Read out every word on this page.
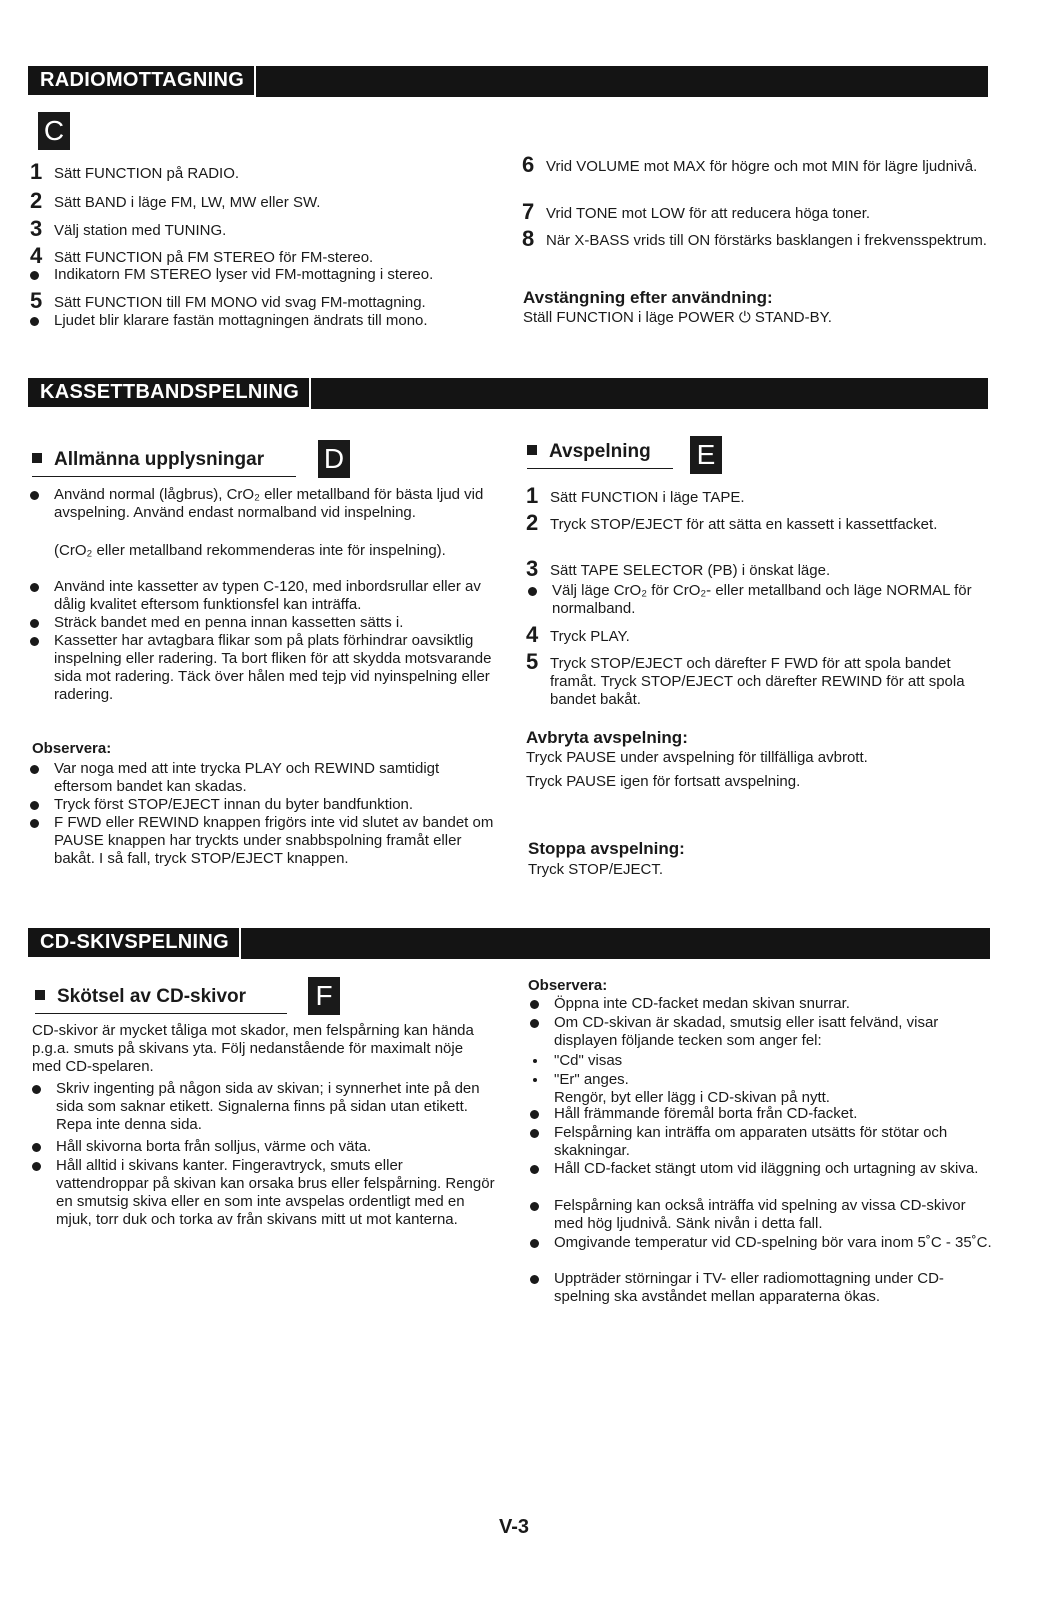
RADIOMOTTAGNING
C
1 Sätt FUNCTION på RADIO.
2 Sätt BAND i läge FM, LW, MW eller SW.
3 Välj station med TUNING.
4 Sätt FUNCTION på FM STEREO för FM-stereo.
Indikatorn FM STEREO lyser vid FM-mottagning i stereo.
5 Sätt FUNCTION till FM MONO vid svag FM-mottagning.
Ljudet blir klarare fastän mottagningen ändrats till mono.
6 Vrid VOLUME mot MAX för högre och mot MIN för lägre ljudnivå.
7 Vrid TONE mot LOW för att reducera höga toner.
8 När X-BASS vrids till ON förstärks basklangen i frekvensspektrum.
Avstängning efter användning:
Ställ FUNCTION i läge POWER ⏻ STAND-BY.
KASSETTBANDSPELNING
Allmänna upplysningar	D
Använd normal (lågbrus), CrO₂ eller metallband för bästa ljud vid avspelning. Använd endast normalband vid inspelning.
(CrO₂ eller metallband rekommenderas inte för inspelning).
Använd inte kassetter av typen C-120, med inbordsrullar eller av dålig kvalitet eftersom funktionsfel kan inträffa.
Sträck bandet med en penna innan kassetten sätts i.
Kassetter har avtagbara flikar som på plats förhindrar oavsiktlig inspelning eller radering. Ta bort fliken för att skydda motsvarande sida mot radering. Täck över hålen med tejp vid nyinspelning eller radering.
Observera:
Var noga med att inte trycka PLAY och REWIND samtidigt eftersom bandet kan skadas.
Tryck först STOP/EJECT innan du byter bandfunktion.
F FWD eller REWIND knappen frigörs inte vid slutet av bandet om PAUSE knappen har tryckts under snabbspolning framåt eller bakåt. I så fall, tryck STOP/EJECT knappen.
Avspelning	E
1 Sätt FUNCTION i läge TAPE.
2 Tryck STOP/EJECT för att sätta en kassett i kassettfacket.
3 Sätt TAPE SELECTOR (PB) i önskat läge.
Välj läge CrO₂ för CrO₂- eller metallband och läge NORMAL för normalband.
4 Tryck PLAY.
5 Tryck STOP/EJECT och därefter F FWD för att spola bandet framåt. Tryck STOP/EJECT och därefter REWIND för att spola bandet bakåt.
Avbryta avspelning:
Tryck PAUSE under avspelning för tillfälliga avbrott.
Tryck PAUSE igen för fortsatt avspelning.
Stoppa avspelning:
Tryck STOP/EJECT.
CD-SKIVSPELNING
Skötsel av CD-skivor	F
CD-skivor är mycket tåliga mot skador, men felspårning kan hända p.g.a. smuts på skivans yta. Följ nedanstående för maximalt nöje med CD-spelaren.
Skriv ingenting på någon sida av skivan; i synnerhet inte på den sida som saknar etikett. Signalerna finns på sidan utan etikett. Repa inte denna sida.
Håll skivorna borta från solljus, värme och väta.
Håll alltid i skivans kanter. Fingeravtryck, smuts eller vattendroppar på skivan kan orsaka brus eller felspårning. Rengör en smutsig skiva eller en som inte avspelas ordentligt med en mjuk, torr duk och torka av från skivans mitt ut mot kanterna.
Observera:
Öppna inte CD-facket medan skivan snurrar.
Om CD-skivan är skadad, smutsig eller isatt felvänd, visar displayen följande tecken som anger fel:
"Cd" visas
"Er" anges.
Rengör, byt eller lägg i CD-skivan på nytt.
Håll främmande föremål borta från CD-facket.
Felspårning kan inträffa om apparaten utsätts för stötar och skakningar.
Håll CD-facket stängt utom vid iläggning och urtagning av skiva.
Felspårning kan också inträffa vid spelning av vissa CD-skivor med hög ljudnivå. Sänk nivån i detta fall.
Omgivande temperatur vid CD-spelning bör vara inom 5˚C - 35˚C.
Uppträder störningar i TV- eller radiomottagning under CD-spelning ska avståndet mellan apparaterna ökas.
V-3
